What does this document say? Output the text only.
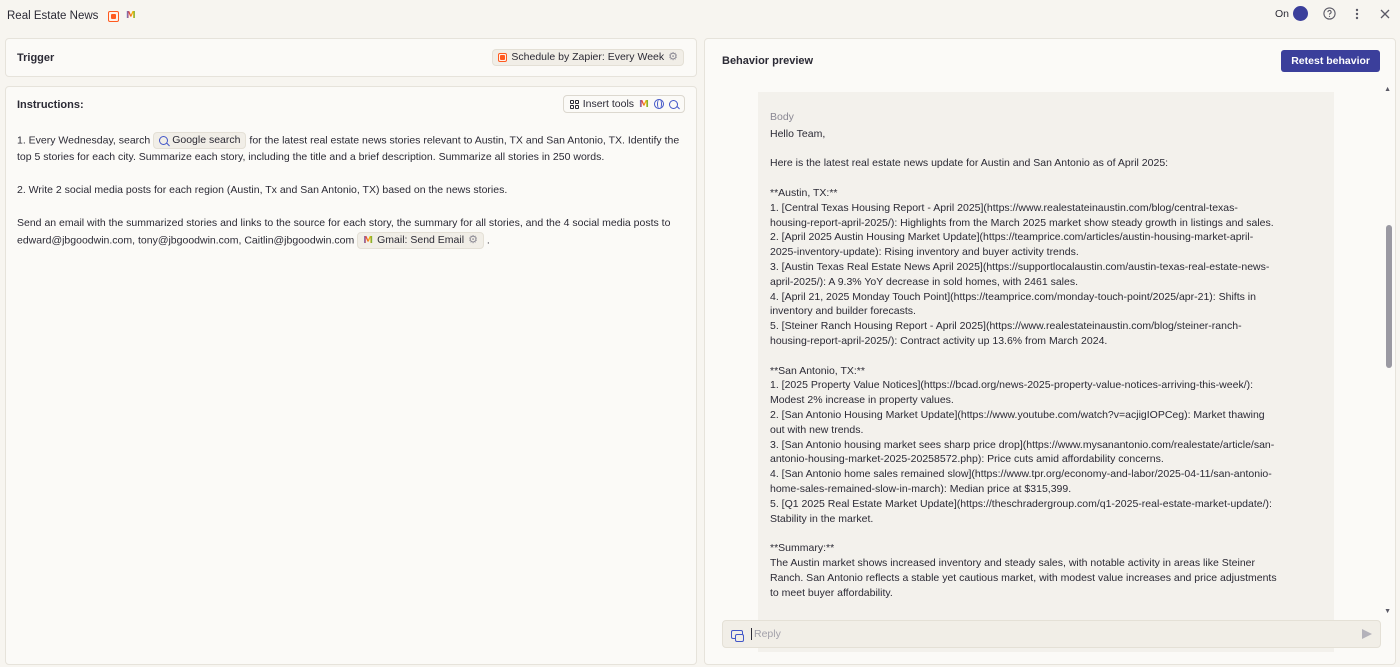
Real Estate News	M	On
Trigger	Schedule by Zapier: Every Week ⚙
Instructions:	Insert tools M

1. Every Wednesday, search Google search for the latest real estate news stories relevant to Austin, TX and San Antonio, TX. Identify the top 5 stories for each city. Summarize each story, including the title and a brief description. Summarize all stories in 250 words.

2. Write 2 social media posts for each region (Austin, Tx and San Antonio, TX) based on the news stories.

Send an email with the summarized stories and links to the source for each story, the summary for all stories, and the 4 social media posts to edward@jbgoodwin.com, tony@jbgoodwin.com, Caitlin@jbgoodwin.com M Gmail: Send Email ⚙ .

Behavior preview	Retest behavior
Body
Hello Team,

Here is the latest real estate news update for Austin and San Antonio as of April 2025:

**Austin, TX:**
1. [Central Texas Housing Report - April 2025](https://www.realestateinaustin.com/blog/central-texas-
housing-report-april-2025/): Highlights from the March 2025 market show steady growth in listings and sales.
2. [April 2025 Austin Housing Market Update](https://teamprice.com/articles/austin-housing-market-april-
2025-inventory-update): Rising inventory and buyer activity trends.
3. [Austin Texas Real Estate News April 2025](https://supportlocalaustin.com/austin-texas-real-estate-news-
april-2025/): A 9.3% YoY decrease in sold homes, with 2461 sales.
4. [April 21, 2025 Monday Touch Point](https://teamprice.com/monday-touch-point/2025/apr-21): Shifts in
inventory and builder forecasts.
5. [Steiner Ranch Housing Report - April 2025](https://www.realestateinaustin.com/blog/steiner-ranch-
housing-report-april-2025/): Contract activity up 13.6% from March 2024.

**San Antonio, TX:**
1. [2025 Property Value Notices](https://bcad.org/news-2025-property-value-notices-arriving-this-week/):
Modest 2% increase in property values.
2. [San Antonio Housing Market Update](https://www.youtube.com/watch?v=acjigIOPCeg): Market thawing
out with new trends.
3. [San Antonio housing market sees sharp price drop](https://www.mysanantonio.com/realestate/article/san-
antonio-housing-market-2025-20258572.php): Price cuts amid affordability concerns.
4. [San Antonio home sales remained slow](https://www.tpr.org/economy-and-labor/2025-04-11/san-antonio-
home-sales-remained-slow-in-march): Median price at $315,399.
5. [Q1 2025 Real Estate Market Update](https://theschradergroup.com/q1-2025-real-estate-market-update/):
Stability in the market.

**Summary:**
The Austin market shows increased inventory and steady sales, with notable activity in areas like Steiner
Ranch. San Antonio reflects a stable yet cautious market, with modest value increases and price adjustments
to meet buyer affordability.
▲
▼
Reply
